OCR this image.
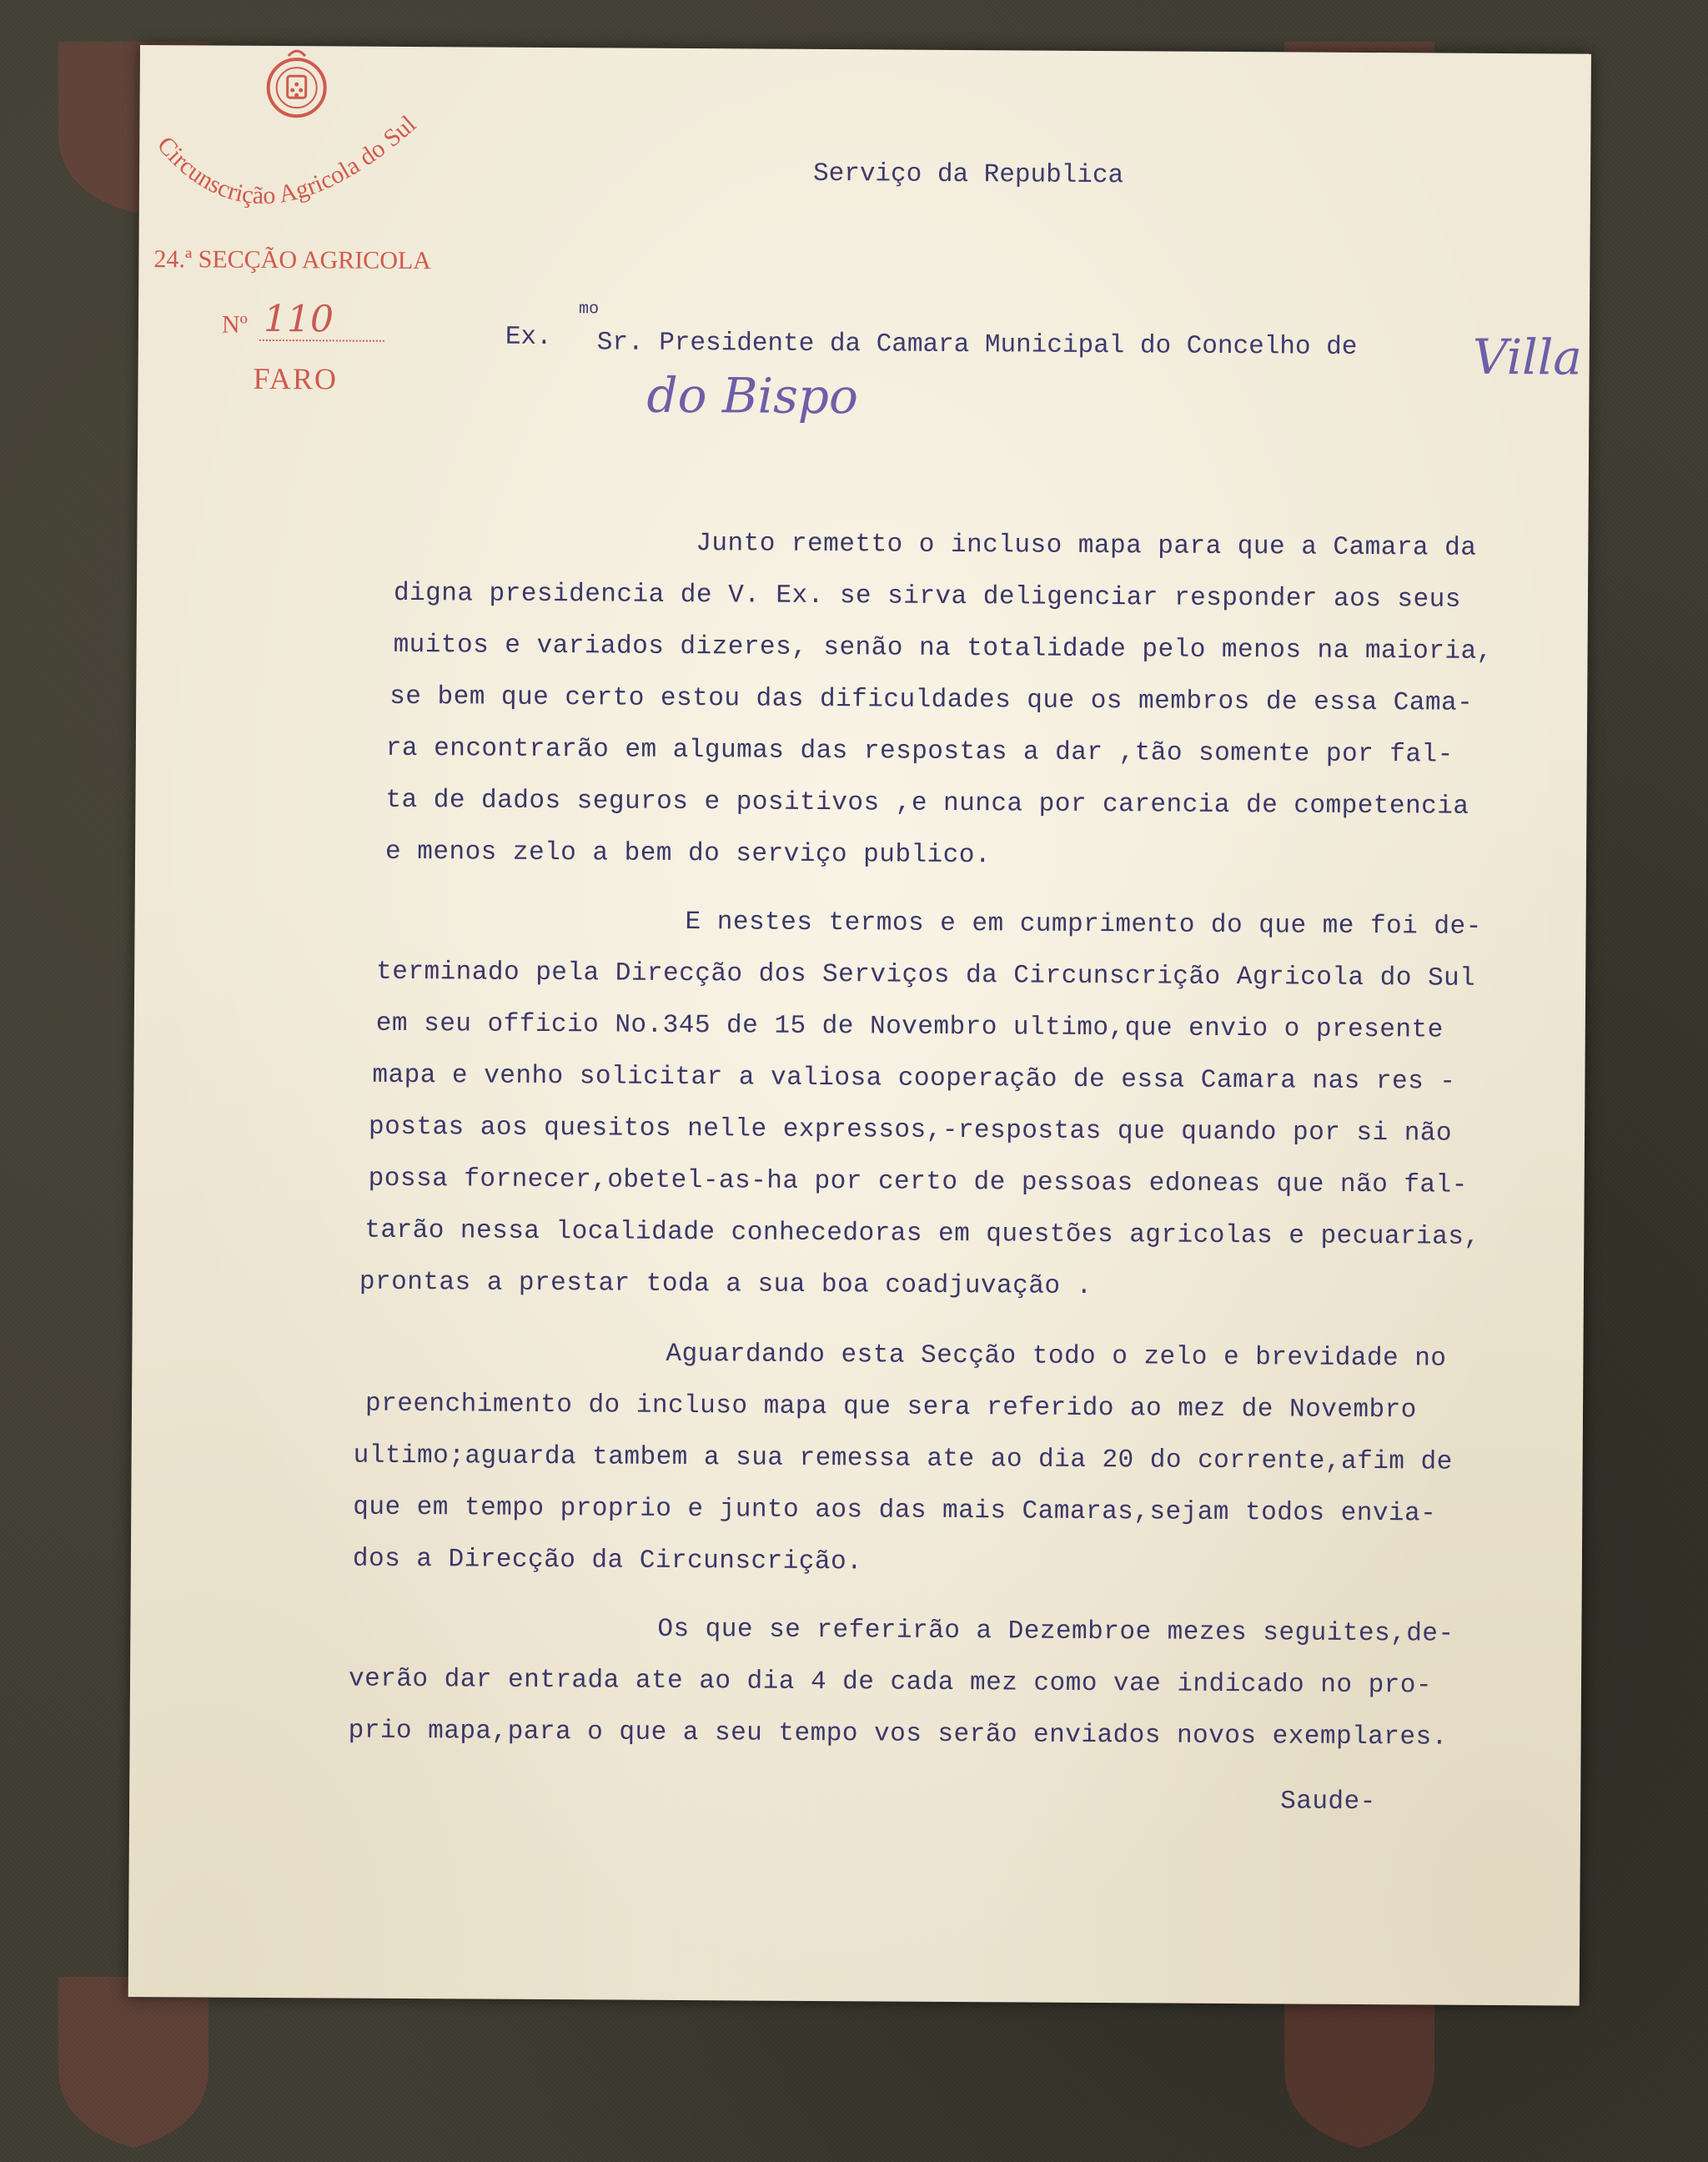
Circunscrição Agricola do Sul
24.ª SECÇÃO AGRICOLA
Nº 110
FARO
Serviço da Republica
Ex.
mo
Sr. Presidente da Camara Municipal do Concelho de Villa
do Bispo
Junto remetto o incluso mapa para que a Camara da
digna presidencia de V. Ex. se sirva deligenciar responder aos seus
muitos e variados dizeres, senão na totalidade pelo menos na maioria,
se bem que certo estou das dificuldades que os membros de essa Cama-
ra encontrarão em algumas das respostas a dar ,tão somente por fal-
ta de dados seguros e positivos ,e nunca por carencia de competencia
e menos zelo a bem do serviço publico.
E nestes termos e em cumprimento do que me foi de-
terminado pela Direcção dos Serviços da Circunscrição Agricola do Sul
em seu officio No.345 de 15 de Novembro ultimo,que envio o presente
mapa e venho solicitar a valiosa cooperação de essa Camara nas res -
postas aos quesitos nelle expressos,-respostas que quando por si não
possa fornecer,obetel-as-ha por certo de pessoas edoneas que não fal-
tarão nessa localidade conhecedoras em questões agricolas e pecuarias,
prontas a prestar toda a sua boa coadjuvação .
Aguardando esta Secção todo o zelo e brevidade no
preenchimento do incluso mapa que sera referido ao mez de Novembro
ultimo;aguarda tambem a sua remessa ate ao dia 20 do corrente,afim de
que em tempo proprio e junto aos das mais Camaras,sejam todos envia-
dos a Direcção da Circunscrição.
Os que se referirão a Dezembroe mezes seguites,de-
verão dar entrada ate ao dia 4 de cada mez como vae indicado no pro-
prio mapa,para o que a seu tempo vos serão enviados novos exemplares.
Saude-
